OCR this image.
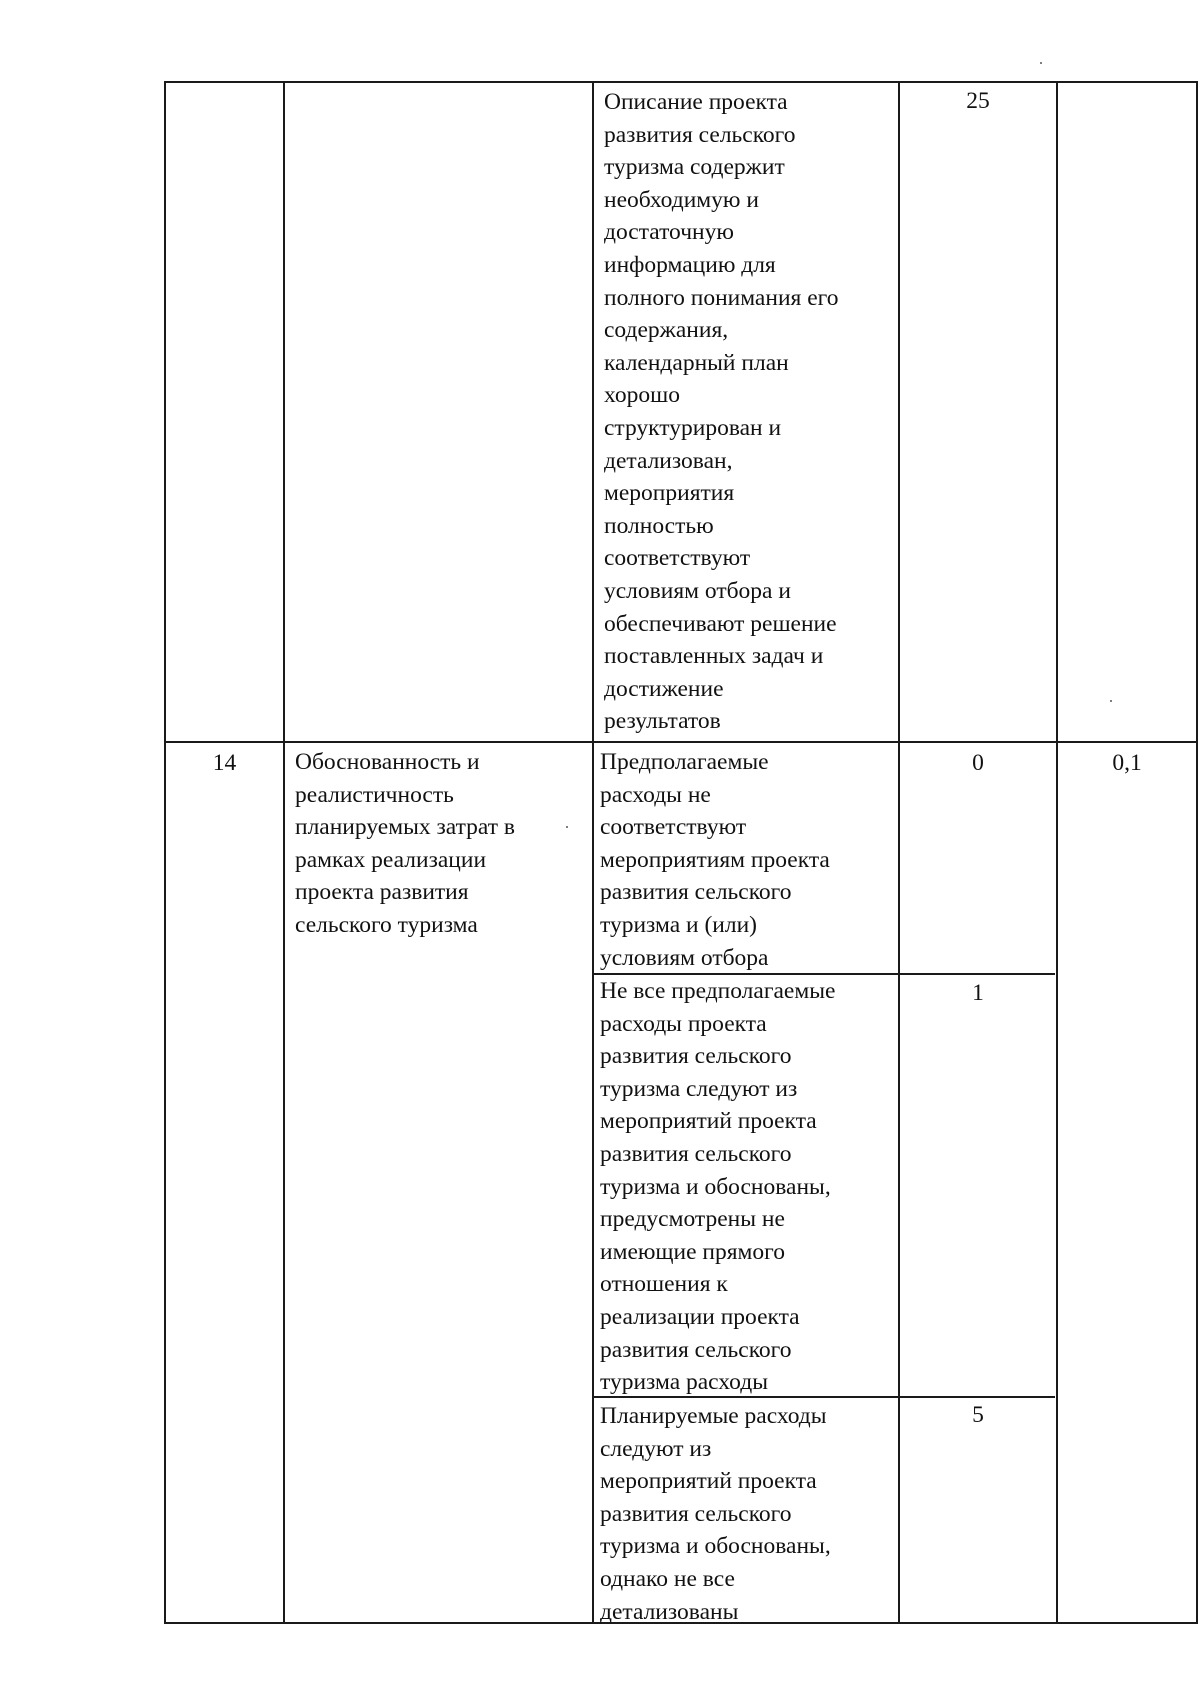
Описание проекта
развития сельского
туризма содержит
необходимую и
достаточную
информацию для
полного понимания его
содержания,
календарный план
хорошо
структурирован и
детализован,
мероприятия
полностью
соответствуют
условиям отбора и
обеспечивают решение
поставленных задач и
достижение
результатов
25
14	Обоснованность и
реалистичность
планируемых затрат в
рамках реализации
проекта развития
сельского туризма
0,1
Предполагаемые
расходы не
соответствуют
мероприятиям проекта
развития сельского
туризма и (или)
условиям отбора
0
Не все предполагаемые
расходы проекта
развития сельского
туризма следуют из
мероприятий проекта
развития сельского
туризма и обоснованы,
предусмотрены не
имеющие прямого
отношения к
реализации проекта
развития сельского
туризма расходы
1
Планируемые расходы
следуют из
мероприятий проекта
развития сельского
туризма и обоснованы,
однако не все
детализованы
5
